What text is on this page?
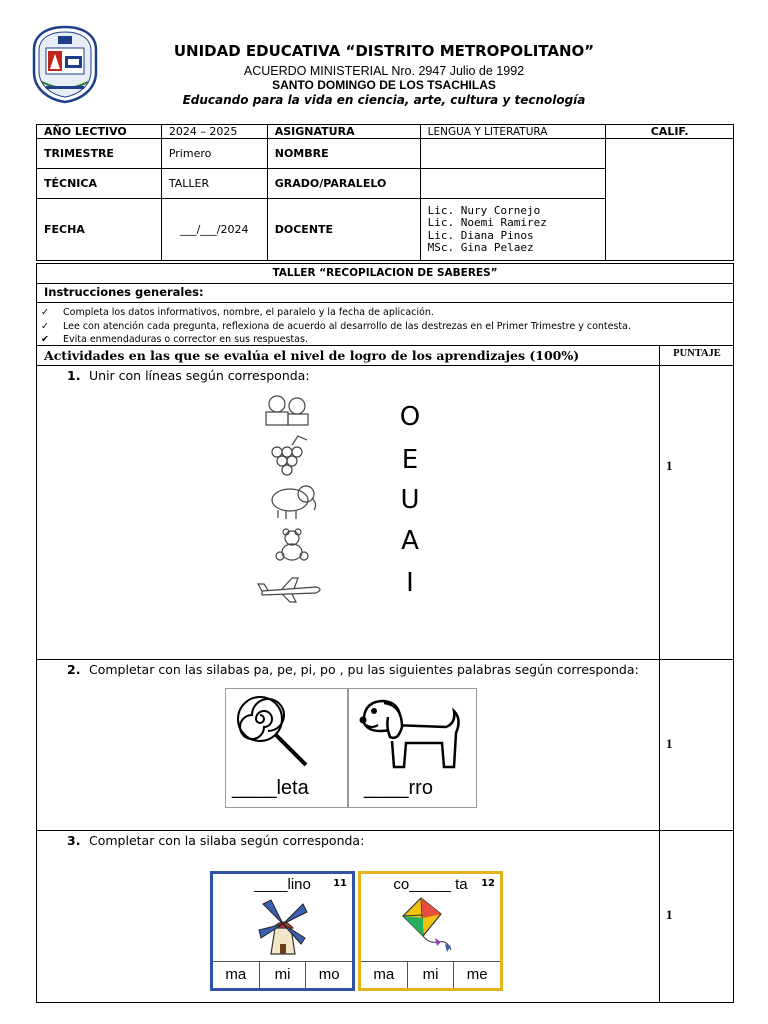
UNIDAD EDUCATIVA “DISTRITO METROPOLITANO”
ACUERDO MINISTERIAL Nro. 2947 Julio de 1992
SANTO DOMINGO DE LOS TSACHILAS
Educando para la vida en ciencia, arte, cultura y tecnología
AÑO LECTIVO	2024 – 2025	ASIGNATURA	LENGUA Y LITERATURA	CALIF.
TRIMESTRE	Primero	NOMBRE		
TÉCNICA	TALLER	GRADO/PARALELO		
FECHA	___/___/2024	DOCENTE	Lic. Nury Cornejo
Lic. Noemi Ramirez
Lic. Diana Pinos
MSc. Gina Pelaez	
TALLER “RECOPILACION DE SABERES”
Instrucciones generales:
✓ Completa los datos informativos, nombre, el paralelo y la fecha de aplicación.
✓ Lee con atención cada pregunta, reflexiona de acuerdo al desarrollo de las destrezas en el Primer Trimestre y contesta.
✔ Evita enmendaduras o corrector en sus respuestas.
Actividades en las que se evalúa el nivel de logro de los aprendizajes (100%)	PUNTAJE
1. Unir con líneas según corresponda:
O
E
U
A
I
1
2. Completar con las silabas pa, pe, pi, po , pu las siguientes palabras según corresponda:
____leta	____rro
1
3. Completar con la silaba según corresponda:
____lino	11
ma	mi	mo
co_____ ta	12
ma	mi	me
1
